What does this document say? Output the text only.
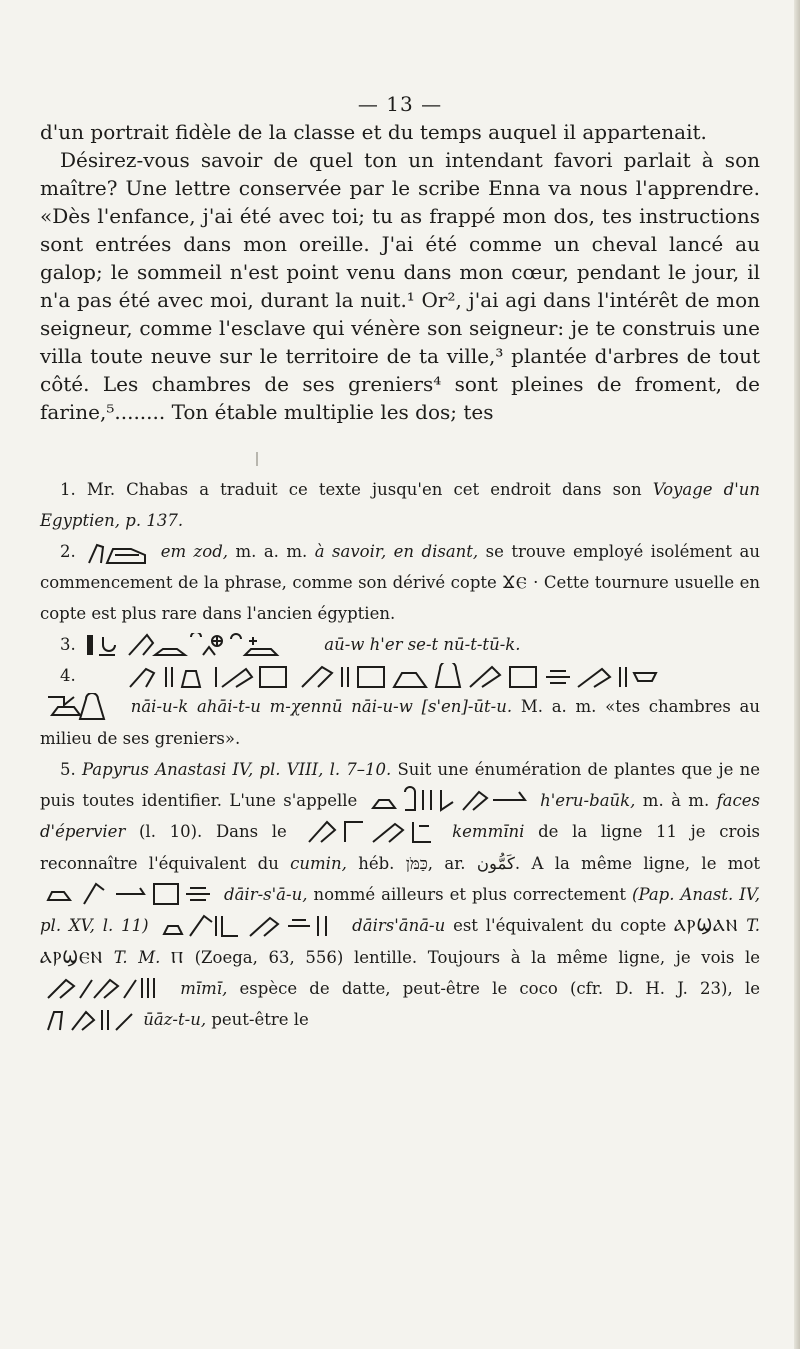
— 13 —

d'un portrait fidèle de la classe et du temps auquel il appartenait.

Désirez-vous savoir de quel ton un intendant favori parlait à son maître? Une lettre conservée par le scribe Enna va nous l'apprendre. «Dès l'enfance, j'ai été avec toi; tu as frappé mon dos, tes instructions sont entrées dans mon oreille. J'ai été comme un cheval lancé au galop; le sommeil n'est point venu dans mon cœur, pendant le jour, il n'a pas été avec moi, durant la nuit.¹ Or², j'ai agi dans l'intérêt de mon seigneur, comme l'esclave qui vénère son seigneur: je te construis une villa toute neuve sur le territoire de ta ville,³ plantée d'arbres de tout côté. Les chambres de ses greniers⁴ sont pleines de froment, de farine,⁵........ Ton étable multiplie les dos; tes

1. Mr. Chabas a traduit ce texte jusqu'en cet endroit dans son Voyage d'un Egyptien, p. 137.

2.	em zod, m. a. m. à savoir, en disant, se trouve employé isolément au commencement de la phrase, comme son dérivé copte ϪⲈ · Cette tournure usuelle en copte est plus rare dans l'ancien égyptien.

3.	aū-w h'er se-t nū-t-tū-k.

4.

nāi-u-k ahāi-t-u m-χennū nāi-u-w [s'en]-ūt-u. M. a. m. «tes chambres au milieu de ses greniers».

5. Papyrus Anastasi IV, pl. VIII, l. 7–10. Suit une énumération de plantes que je ne puis toutes identifier. L'une s'appelle	h'eru-baūk, m. à m. faces d'épervier (l. 10). Dans le	kemmīni de la ligne 11 je crois reconnaître l'équivalent du cumin, héb. כַּמֹּן, ar. كَمُّون. A la même ligne, le mot
dāir-s'ā-u, nommé ailleurs et plus correctement (Pap. Anast. IV, pl. XV, l. 11)	dāirs'ānā-u est l'équivalent du copte ⲀⲢϢⲀⲚ T. ⲀⲢϢⲈⲚ T. M. Ⲡ (Zoega, 63, 556) lentille. Toujours à la même ligne, je vois le
mīmī, espèce de datte, peut-être le coco (cfr. D. H. J. 23), le
ūāz-t-u, peut-être le
